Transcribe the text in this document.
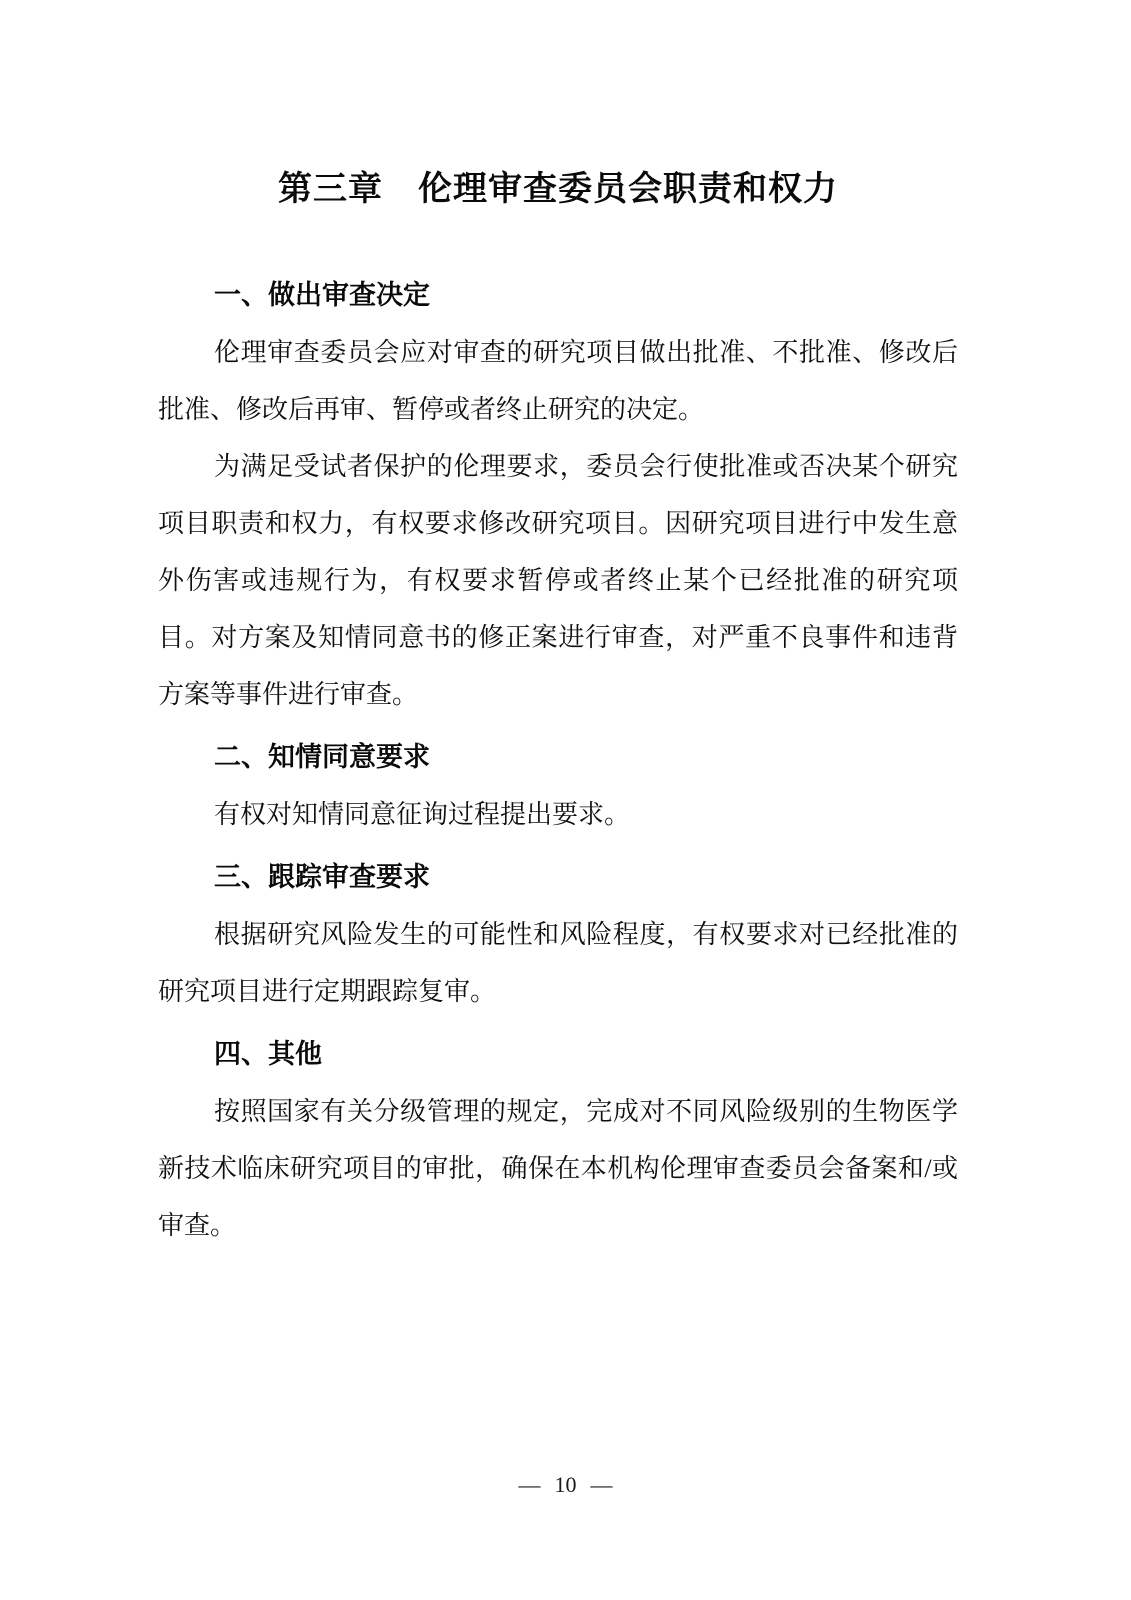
第三章　伦理审查委员会职责和权力
一、做出审查决定

伦理审查委员会应对审查的研究项目做出批准、不批准、修改后批准、修改后再审、暂停或者终止研究的决定。

为满足受试者保护的伦理要求，委员会行使批准或否决某个研究项目职责和权力，有权要求修改研究项目。因研究项目进行中发生意外伤害或违规行为，有权要求暂停或者终止某个已经批准的研究项目。对方案及知情同意书的修正案进行审查，对严重不良事件和违背方案等事件进行审查。

二、知情同意要求

有权对知情同意征询过程提出要求。

三、跟踪审查要求

根据研究风险发生的可能性和风险程度，有权要求对已经批准的研究项目进行定期跟踪复审。

四、其他

按照国家有关分级管理的规定，完成对不同风险级别的生物医学新技术临床研究项目的审批，确保在本机构伦理审查委员会备案和/或审查。

— 10 —
